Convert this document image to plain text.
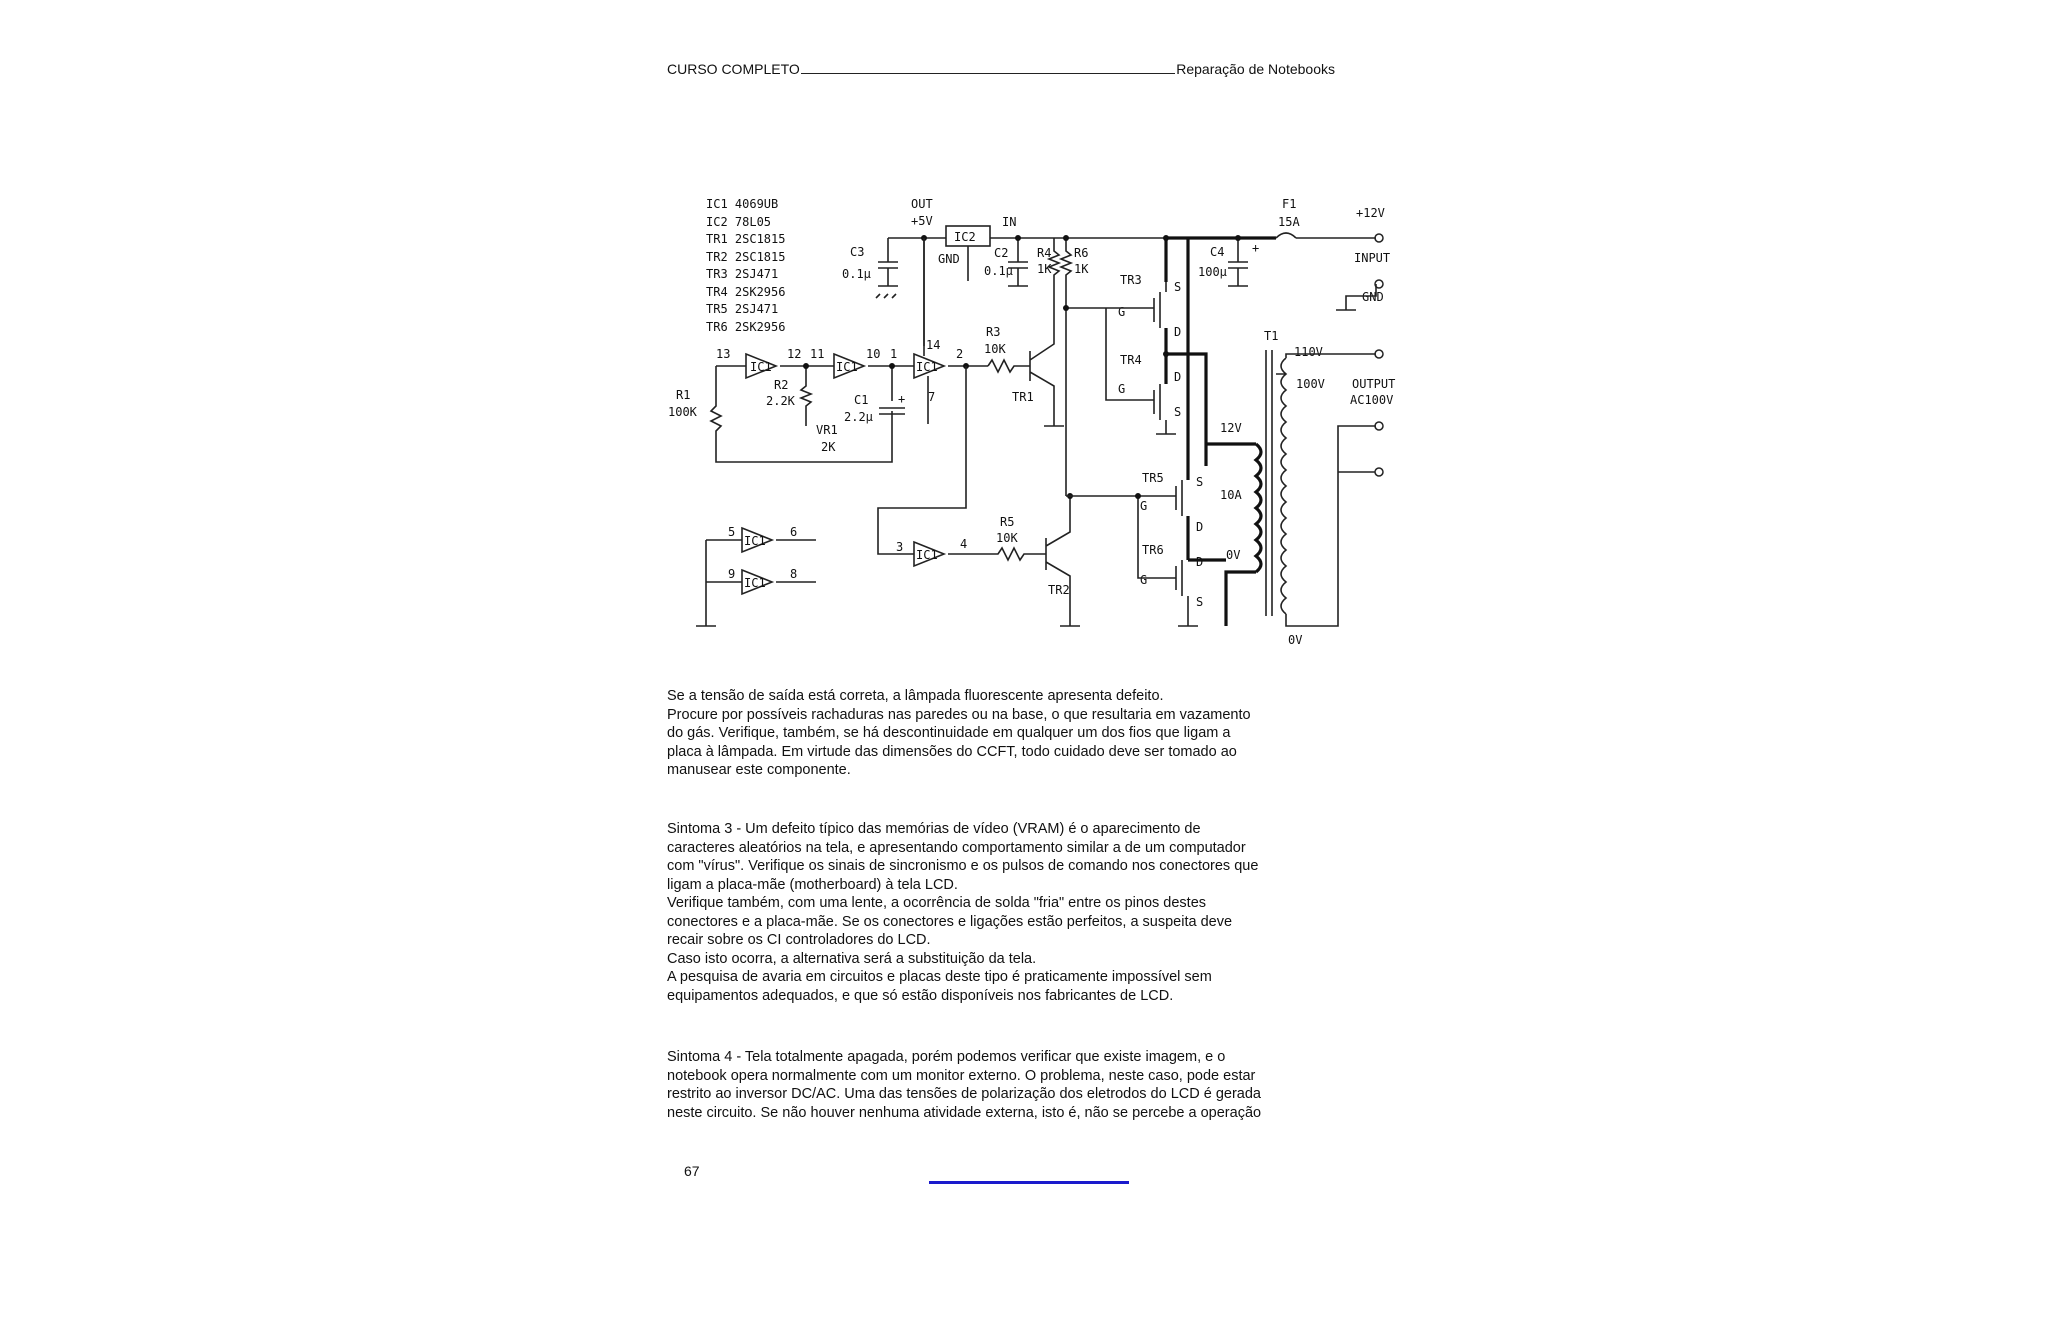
CURSO COMPLETO	Reparação de Notebooks
IC1 4069UB
IC2 78L05
TR1 2SC1815
TR2 2SC1815
TR3 2SJ471
TR4 2SK2956
TR5 2SJ471
TR6 2SK2956
OUT
+5V
IC2
IN
GND
C3
0.1μ
C2
0.1μ
R4
1K
R6
1K
F1
15A
+12V
INPUT
GND
C4
100μ
+
13	12 11	10 1
14
2
7
IC1	IC1	IC1
R1
100K
R2
2.2K
VR1
2K
C1
2.2μ
+
R3
10K
TR1
3	4
IC1
R5
10K
TR2
5	6
9	8
IC1
IC1
TR3
TR4
TR5
TR6
G
G
G
G
S
D
D
S
S
D
D
S
T1
110V
100V OUTPUT
AC100V
12V
10A
0V
0V

Se a tensão de saída está correta, a lâmpada fluorescente apresenta defeito.

Procure por possíveis rachaduras nas paredes ou na base, o que resultaria em vazamento

do gás. Verifique, também, se há descontinuidade em qualquer um dos fios que ligam a

placa à lâmpada. Em virtude das dimensões do CCFT, todo cuidado deve ser tomado ao

manusear este componente.

Sintoma 3 - Um defeito típico das memórias de vídeo (VRAM) é o aparecimento de

caracteres aleatórios na tela, e apresentando comportamento similar a de um computador

com "vírus". Verifique os sinais de sincronismo e os pulsos de comando nos conectores que

ligam a placa-mãe (motherboard) à tela LCD.

Verifique também, com uma lente, a ocorrência de solda "fria" entre os pinos destes

conectores e a placa-mãe. Se os conectores e ligações estão perfeitos, a suspeita deve

recair sobre os CI controladores do LCD.

Caso isto ocorra, a alternativa será a substituição da tela.

A pesquisa de avaria em circuitos e placas deste tipo é praticamente impossível sem

equipamentos adequados, e que só estão disponíveis nos fabricantes de LCD.

Sintoma 4 - Tela totalmente apagada, porém podemos verificar que existe imagem, e o

notebook opera normalmente com um monitor externo. O problema, neste caso, pode estar

restrito ao inversor DC/AC. Uma das tensões de polarização dos eletrodos do LCD é gerada

neste circuito. Se não houver nenhuma atividade externa, isto é, não se percebe a operação

67
